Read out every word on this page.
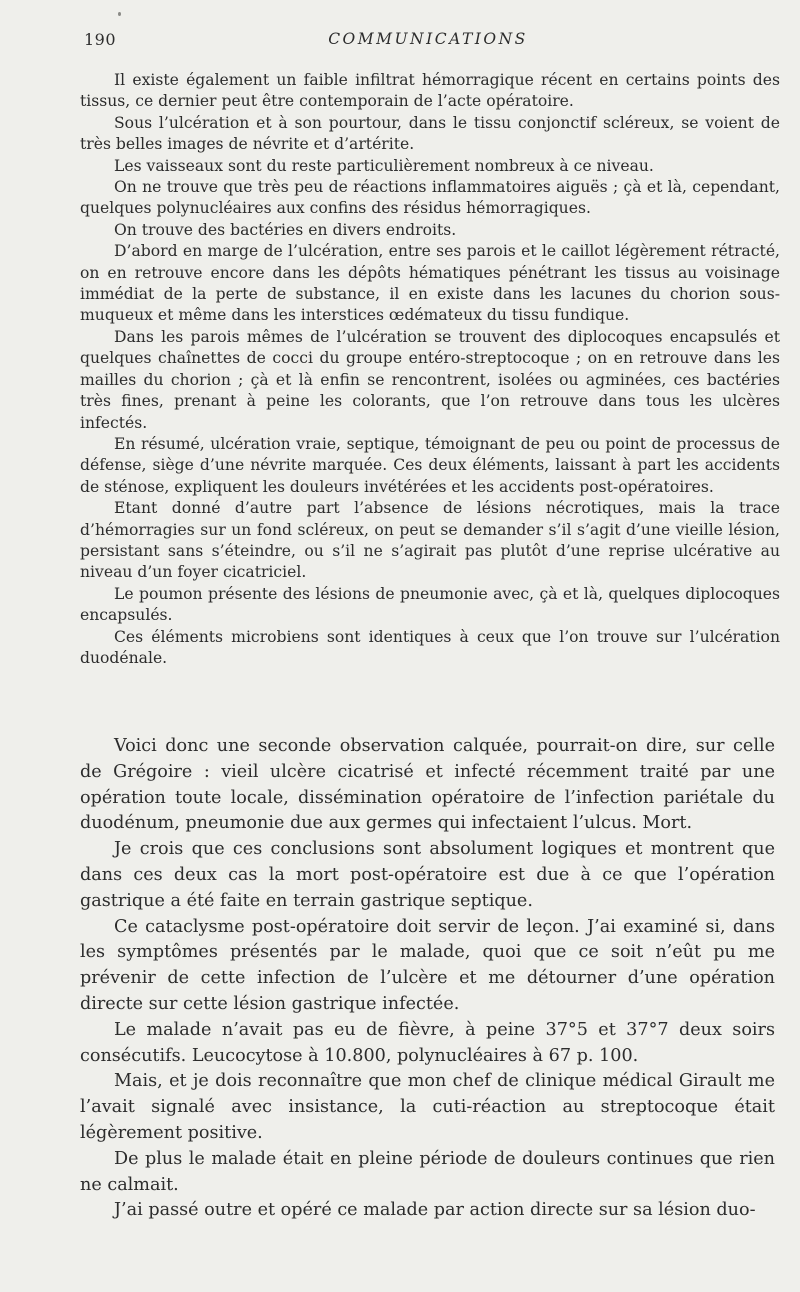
190	COMMUNICATIONS

Il existe également un faible infiltrat hémorragique récent en certains points des tissus, ce dernier peut être contemporain de l’acte opératoire.

Sous l’ulcération et à son pourtour, dans le tissu conjonctif scléreux, se voient de très belles images de névrite et d’artérite.

Les vaisseaux sont du reste particulièrement nombreux à ce niveau.

On ne trouve que très peu de réactions inflammatoires aiguës ; çà et là, cependant, quelques polynucléaires aux confins des résidus hémorragiques.

On trouve des bactéries en divers endroits.

D’abord en marge de l’ulcération, entre ses parois et le caillot légèrement rétracté, on en retrouve encore dans les dépôts hématiques pénétrant les tissus au voisinage immédiat de la perte de substance, il en existe dans les lacunes du chorion sous-muqueux et même dans les interstices œdémateux du tissu fundique.

Dans les parois mêmes de l’ulcération se trouvent des diplocoques encapsulés et quelques chaînettes de cocci du groupe entéro-streptocoque ; on en retrouve dans les mailles du chorion ; çà et là enfin se rencontrent, isolées ou agminées, ces bactéries très fines, prenant à peine les colorants, que l’on retrouve dans tous les ulcères infectés.

En résumé, ulcération vraie, septique, témoignant de peu ou point de processus de défense, siège d’une névrite marquée. Ces deux éléments, laissant à part les accidents de sténose, expliquent les douleurs invétérées et les accidents post-opératoires.

Etant donné d’autre part l’absence de lésions nécrotiques, mais la trace d’hémorragies sur un fond scléreux, on peut se demander s’il s’agit d’une vieille lésion, persistant sans s’éteindre, ou s’il ne s’agirait pas plutôt d’une reprise ulcérative au niveau d’un foyer cicatriciel.

Le poumon présente des lésions de pneumonie avec, çà et là, quelques diplocoques encapsulés.

Ces éléments microbiens sont identiques à ceux que l’on trouve sur l’ulcération duodénale.

Voici donc une seconde observation calquée, pourrait-on dire, sur celle de Grégoire : vieil ulcère cicatrisé et infecté récemment traité par une opération toute locale, dissémination opératoire de l’infection pariétale du duodénum, pneumonie due aux germes qui infectaient l’ulcus. Mort.

Je crois que ces conclusions sont absolument logiques et montrent que dans ces deux cas la mort post-opératoire est due à ce que l’opération gastrique a été faite en terrain gastrique septique.

Ce cataclysme post-opératoire doit servir de leçon. J’ai examiné si, dans les symptômes présentés par le malade, quoi que ce soit n’eût pu me prévenir de cette infection de l’ulcère et me détourner d’une opération directe sur cette lésion gastrique infectée.

Le malade n’avait pas eu de fièvre, à peine 37°5 et 37°7 deux soirs consécutifs. Leucocytose à 10.800, polynucléaires à 67 p. 100.

Mais, et je dois reconnaître que mon chef de clinique médical Girault me l’avait signalé avec insistance, la cuti-réaction au streptocoque était légèrement positive.

De plus le malade était en pleine période de douleurs continues que rien ne calmait.

J’ai passé outre et opéré ce malade par action directe sur sa lésion duo-
